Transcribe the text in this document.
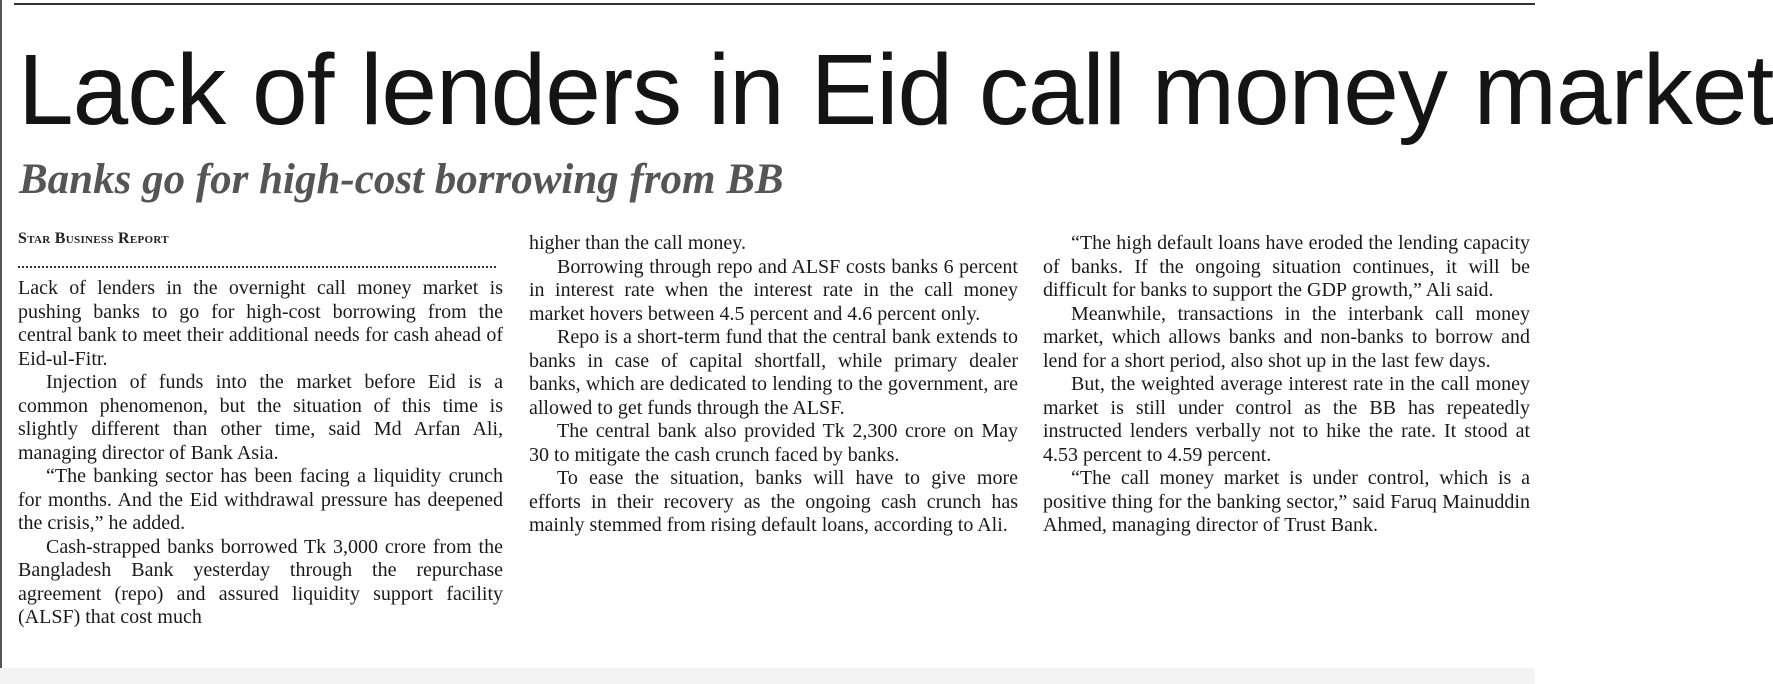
Lack of lenders in Eid call money market
Banks go for high-cost borrowing from BB
Star Business Report

Lack of lenders in the overnight call money market is pushing banks to go for high-cost borrowing from the central bank to meet their additional needs for cash ahead of Eid-ul-Fitr.

Injection of funds into the market before Eid is a common phenomenon, but the situation of this time is slightly different than other time, said Md Arfan Ali, managing director of Bank Asia.

“The banking sector has been facing a liquidity crunch for months. And the Eid withdrawal pressure has deepened the crisis,” he added.

Cash-strapped banks borrowed Tk 3,000 crore from the Bangladesh Bank yesterday through the repurchase agreement (repo) and assured liquidity support facility (ALSF) that cost much

higher than the call money.

Borrowing through repo and ALSF costs banks 6 percent in interest rate when the interest rate in the call money market hovers between 4.5 percent and 4.6 percent only.

Repo is a short-term fund that the central bank extends to banks in case of capital shortfall, while primary dealer banks, which are dedicated to lending to the government, are allowed to get funds through the ALSF.

The central bank also provided Tk 2,300 crore on May 30 to mitigate the cash crunch faced by banks.

To ease the situation, banks will have to give more efforts in their recovery as the ongoing cash crunch has mainly stemmed from rising default loans, according to Ali.

“The high default loans have eroded the lending capacity of banks. If the ongoing situation continues, it will be difficult for banks to support the GDP growth,” Ali said.

Meanwhile, transactions in the interbank call money market, which allows banks and non-banks to borrow and lend for a short period, also shot up in the last few days.

But, the weighted average interest rate in the call money market is still under control as the BB has repeatedly instructed lenders verbally not to hike the rate. It stood at 4.53 percent to 4.59 percent.

“The call money market is under control, which is a positive thing for the banking sector,” said Faruq Mainuddin Ahmed, managing director of Trust Bank.
